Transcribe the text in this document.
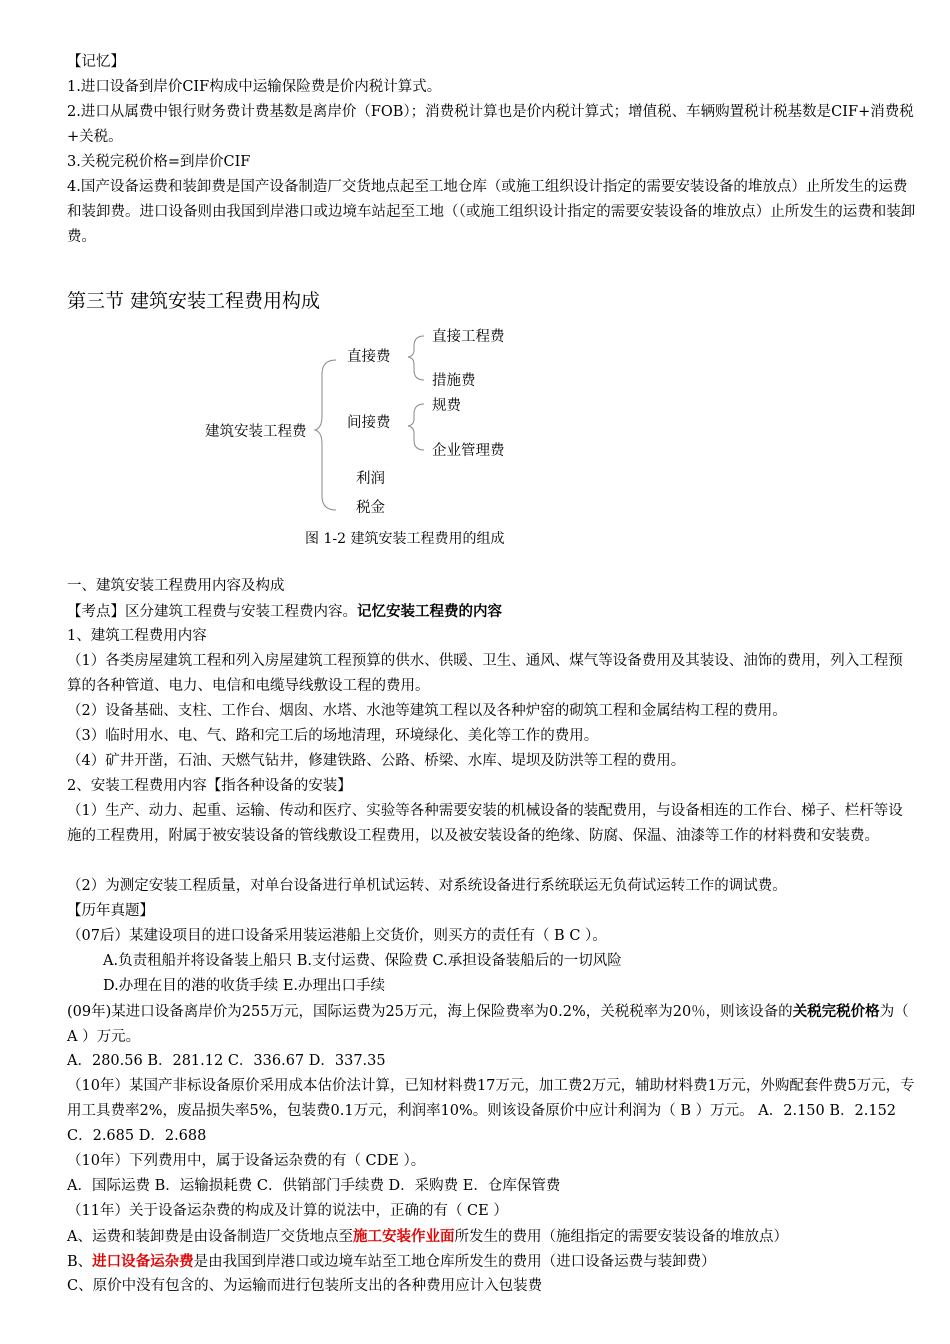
【记忆】
1.进口设备到岸价CIF构成中运输保险费是价内税计算式。
2.进口从属费中银行财务费计费基数是离岸价（FOB）；消费税计算也是价内税计算式；增值税、车辆购置税计税基数是CIF+消费税+关税。
3.关税完税价格=到岸价CIF
4.国产设备运费和装卸费是国产设备制造厂交货地点起至工地仓库（或施工组织设计指定的需要安装设备的堆放点）止所发生的运费和装卸费。进口设备则由我国到岸港口或边境车站起至工地（（或施工组织设计指定的需要安装设备的堆放点）止所发生的运费和装卸费。
第三节 建筑安装工程费用构成
直接费
直接工程费
措施费
规费
间接费
建筑安装工程费
企业管理费
利润
税金
图 1-2 建筑安装工程费用的组成
一、建筑安装工程费用内容及构成
【考点】区分建筑工程费与安装工程费内容。记忆安装工程费的内容
1、建筑工程费用内容
（1）各类房屋建筑工程和列入房屋建筑工程预算的供水、供暖、卫生、通风、煤气等设备费用及其装设、油饰的费用，列入工程预算的各种管道、电力、电信和电缆导线敷设工程的费用。
（2）设备基础、支柱、工作台、烟囱、水塔、水池等建筑工程以及各种炉窑的砌筑工程和金属结构工程的费用。
（3）临时用水、电、气、路和完工后的场地清理，环境绿化、美化等工作的费用。
（4）矿井开凿，石油、天燃气钻井，修建铁路、公路、桥梁、水库、堤坝及防洪等工程的费用。
2、安装工程费用内容【指各种设备的安装】
（1）生产、动力、起重、运输、传动和医疗、实验等各种需要安装的机械设备的装配费用，与设备相连的工作台、梯子、栏杆等设施的工程费用，附属于被安装设备的管线敷设工程费用，以及被安装设备的绝缘、防腐、保温、油漆等工作的材料费和安装费。
（2）为测定安装工程质量，对单台设备进行单机试运转、对系统设备进行系统联运无负荷试运转工作的调试费。
【历年真题】
（07后）某建设项目的进口设备采用装运港船上交货价，则买方的责任有（ B C ）。
A.负责租船并将设备装上船只 B.支付运费、保险费 C.承担设备装船后的一切风险
D.办理在目的港的收货手续 E.办理出口手续
(09年)某进口设备离岸价为255万元，国际运费为25万元，海上保险费率为0.2%，关税税率为20％，则该设备的关税完税价格为（ A ）万元。
A．280.56 B．281.12 C．336.67 D．337.35
（10年）某国产非标设备原价采用成本估价法计算，已知材料费17万元，加工费2万元，辅助材料费1万元，外购配套件费5万元，专用工具费率2%，废品损失率5%，包装费0.1万元，利润率10%。则该设备原价中应计利润为（ B ）万元。 A．2.150 B．2.152 C．2.685 D．2.688
（10年）下列费用中，属于设备运杂费的有（ CDE ）。
A．国际运费 B．运输损耗费 C．供销部门手续费 D．采购费 E．仓库保管费
（11年）关于设备运杂费的构成及计算的说法中，正确的有（ CE ）
A、运费和装卸费是由设备制造厂交货地点至施工安装作业面所发生的费用（施组指定的需要安装设备的堆放点）
B、进口设备运杂费是由我国到岸港口或边境车站至工地仓库所发生的费用（进口设备运费与装卸费）
C、原价中没有包含的、为运输而进行包装所支出的各种费用应计入包装费
